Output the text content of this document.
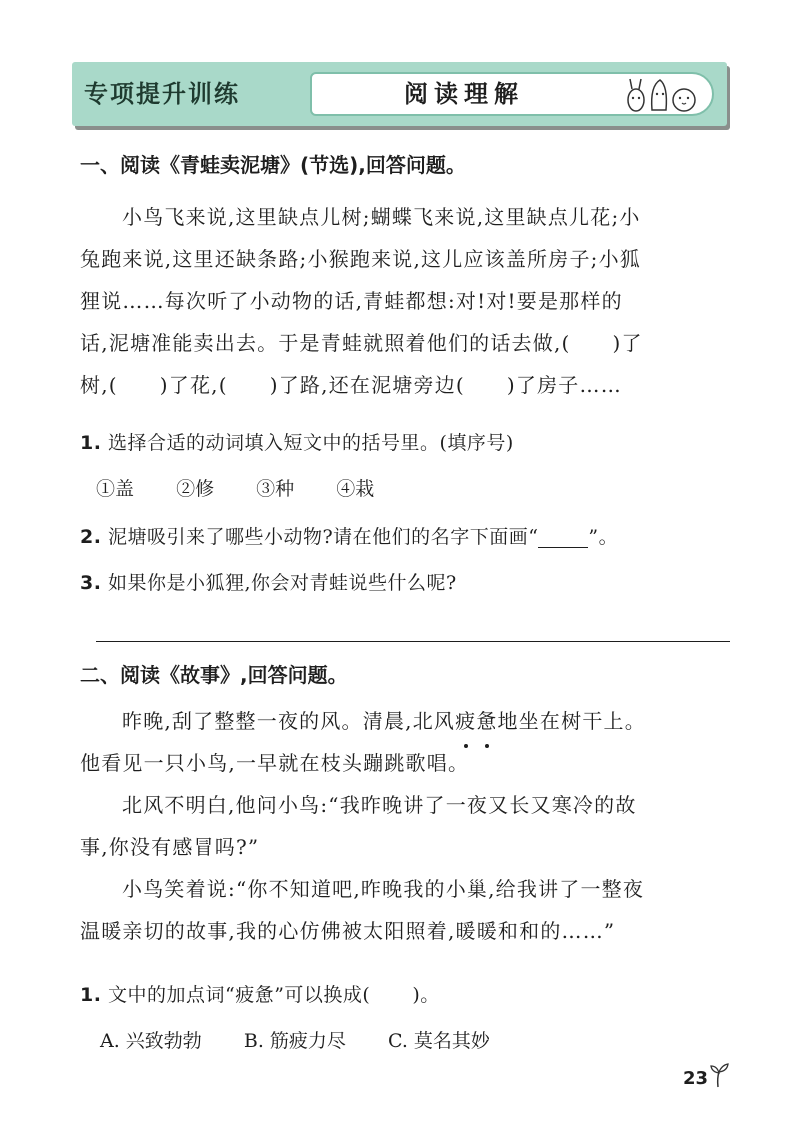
专项提升训练	阅读理解
一、阅读《青蛙卖泥塘》(节选),回答问题。
小鸟飞来说,这里缺点儿树;蝴蝶飞来说,这里缺点儿花;小
兔跑来说,这里还缺条路;小猴跑来说,这儿应该盖所房子;小狐
狸说……每次听了小动物的话,青蛙都想:对!对!要是那样的
话,泥塘准能卖出去。于是青蛙就照着他们的话去做,( )了
树,( )了花,( )了路,还在泥塘旁边( )了房子……
1. 选择合适的动词填入短文中的括号里。(填序号)
①盖 ②修 ③种 ④栽
2. 泥塘吸引来了哪些小动物?请在他们的名字下面画“	”。
3. 如果你是小狐狸,你会对青蛙说些什么呢?
二、阅读《故事》,回答问题。
昨晚,刮了整整一夜的风。清晨,北风疲惫地坐在树干上。
他看见一只小鸟,一早就在枝头蹦跳歌唱。
北风不明白,他问小鸟:“我昨晚讲了一夜又长又寒冷的故
事,你没有感冒吗?”
小鸟笑着说:“你不知道吧,昨晚我的小巢,给我讲了一整夜
温暖亲切的故事,我的心仿佛被太阳照着,暖暖和和的……”
1. 文中的加点词“疲惫”可以换成( )。
A. 兴致勃勃 B. 筋疲力尽 C. 莫名其妙
23
